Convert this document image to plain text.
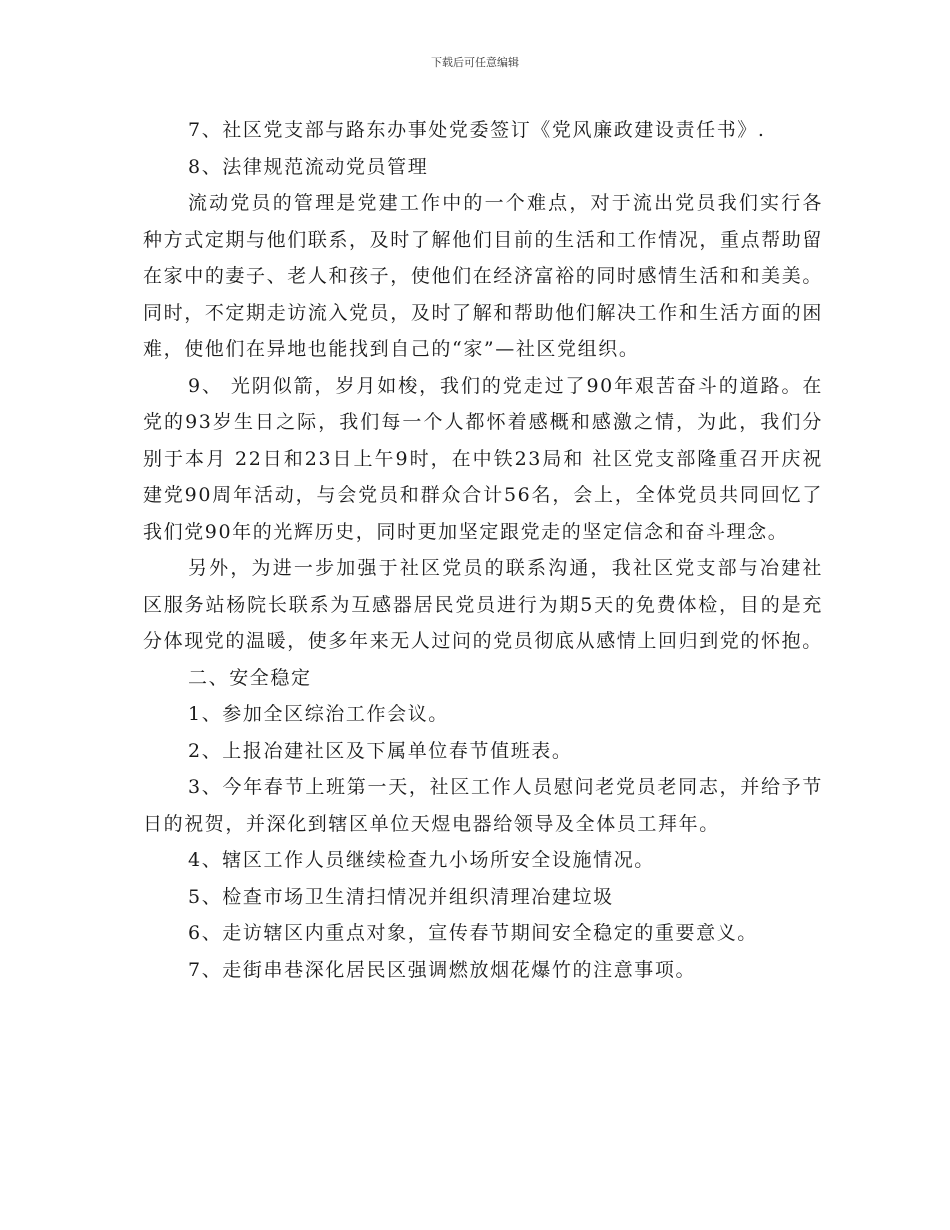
下载后可任意编辑

7、社区党支部与路东办事处党委签订《党风廉政建设责任书》.

8、法律规范流动党员管理

流动党员的管理是党建工作中的一个难点，对于流出党员我们实行各种方式定期与他们联系，及时了解他们目前的生活和工作情况，重点帮助留在家中的妻子、老人和孩子，使他们在经济富裕的同时感情生活和和美美。同时，不定期走访流入党员，及时了解和帮助他们解决工作和生活方面的困难，使他们在异地也能找到自己的“家”—社区党组织。

9、 光阴似箭，岁月如梭，我们的党走过了90年艰苦奋斗的道路。在党的93岁生日之际，我们每一个人都怀着感概和感激之情，为此，我们分别于本月 22日和23日上午9时，在中铁23局和 社区党支部隆重召开庆祝建党90周年活动，与会党员和群众合计56名，会上，全体党员共同回忆了我们党90年的光辉历史，同时更加坚定跟党走的坚定信念和奋斗理念。

另外，为进一步加强于社区党员的联系沟通，我社区党支部与冶建社区服务站杨院长联系为互感器居民党员进行为期5天的免费体检，目的是充分体现党的温暖，使多年来无人过问的党员彻底从感情上回归到党的怀抱。

二、安全稳定

1、参加全区综治工作会议。

2、上报冶建社区及下属单位春节值班表。

3、今年春节上班第一天，社区工作人员慰问老党员老同志，并给予节日的祝贺，并深化到辖区单位天煜电器给领导及全体员工拜年。

4、辖区工作人员继续检查九小场所安全设施情况。

5、检查市场卫生清扫情况并组织清理冶建垃圾

6、走访辖区内重点对象，宣传春节期间安全稳定的重要意义。

7、走街串巷深化居民区强调燃放烟花爆竹的注意事项。
